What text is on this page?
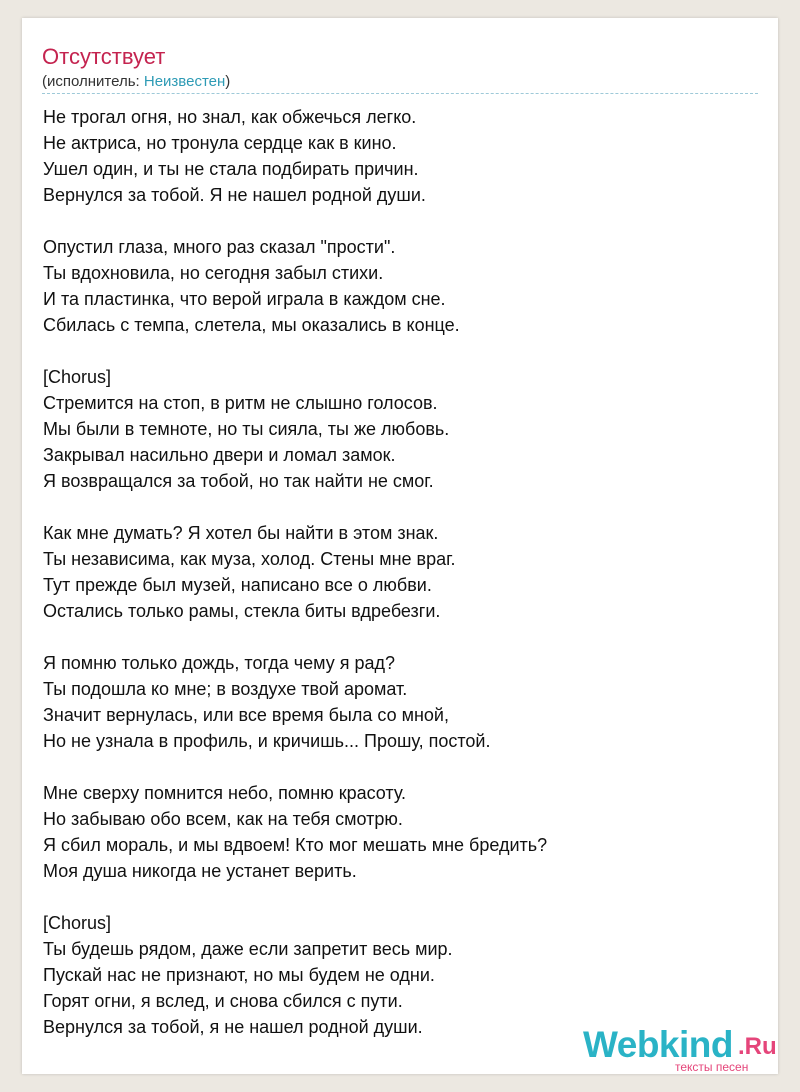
Отсутствует
(исполнитель: Неизвестен)
Не трогал огня, но знал, как обжечься легко.
Не актриса, но тронула сердце как в кино.
Ушел один, и ты не стала подбирать причин.
Вернулся за тобой. Я не нашел родной души.
Опустил глаза, много раз сказал "прости".
Ты вдохновила, но сегодня забыл стихи.
И та пластинка, что верой играла в каждом сне.
Сбилась с темпа, слетела, мы оказались в конце.
[Chorus]
Стремится на стоп, в ритм не слышно голосов.
Мы были в темноте, но ты сияла, ты же любовь.
Закрывал насильно двери и ломал замок.
Я возвращался за тобой, но так найти не смог.
Как мне думать? Я хотел бы найти в этом знак.
Ты независима, как муза, холод. Стены мне враг.
Тут прежде был музей, написано все о любви.
Остались только рамы, стекла биты вдребезги.
Я помню только дождь, тогда чему я рад?
Ты подошла ко мне; в воздухе твой аромат.
Значит вернулась, или все время была со мной,
Но не узнала в профиль, и кричишь... Прошу, постой.
Мне сверху помнится небо, помню красоту.
Но забываю обо всем, как на тебя смотрю.
Я сбил мораль, и мы вдвоем! Кто мог мешать мне бредить?
Моя душа никогда не устанет верить.
[Chorus]
Ты будешь рядом, даже если запретит весь мир.
Пускай нас не признают, но мы будем не одни.
Горят огни, я вслед, и снова сбился с пути.
Вернулся за тобой, я не нашел родной души.	Webkind .Ru
тексты песен
